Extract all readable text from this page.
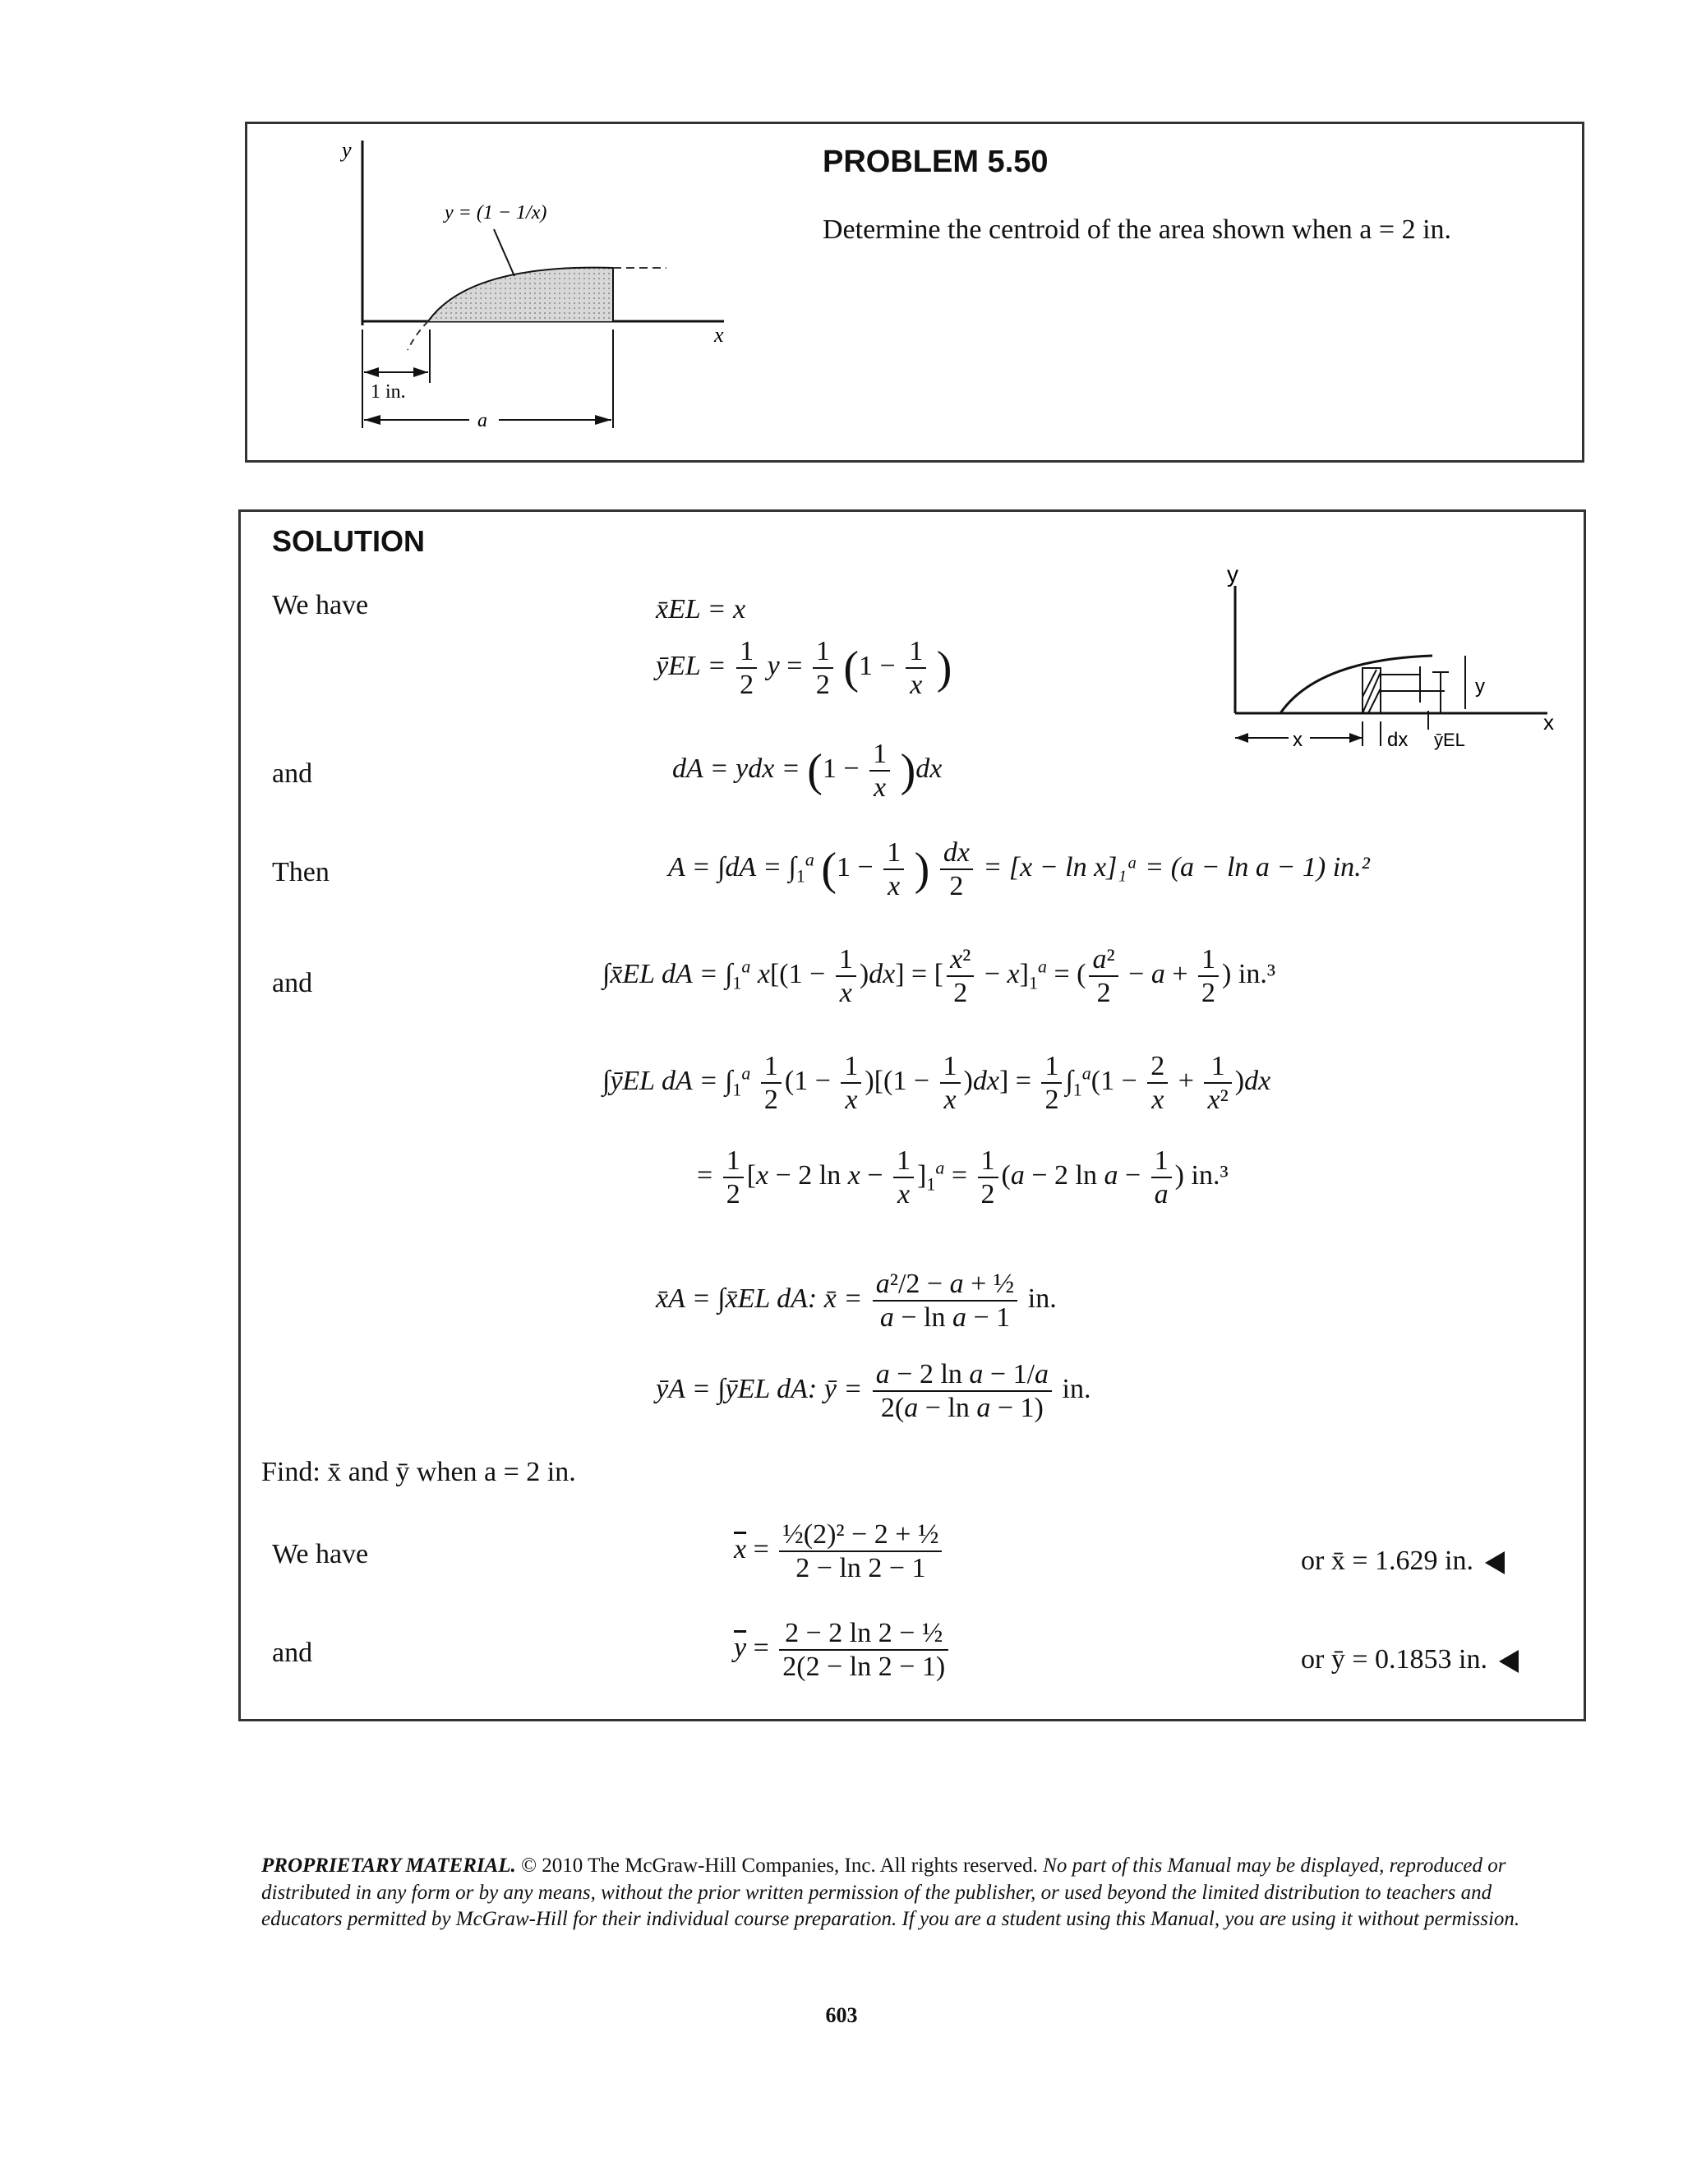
y
x
y = (1 − 1/x)
1 in.
a
PROBLEM 5.50
Determine the centroid of the area shown when a = 2 in.
SOLUTION
We have
and
Then
and
Find: x̄ and ȳ when a = 2 in.
We have
and
y
x
y
x	dx ȳEL
x̄EL = x
ȳEL = $\frac{1}{2}$ $y = \frac{1}{2} (1 - \frac{1}{x}$ )
dA = ydx = $(1 - \frac{1}{x} )dx$
$A = \int dA = \int_1^a$ ($1 - \frac{1}{x}$ ) $\frac{dx}{2} = [x - \ln$ x]₁ᵃ = (a − ln a − 1) in.²
∫x̄EL dA = $\int_1^a$ $x[(1 - \frac{1}{x} )dx]$ = [ $\frac{\text{x²}}{2} - x]_1^a$ = ( $\frac{\text{a²}}{2} - a + \frac{1}{2}$ ) in.³
∫ȳEL dA = $\int_1^a \frac{1}{2} (1 - \frac{1}{x} )[(1 - \frac{1}{x} )dx] = \frac{1}{2} \int_1^a(1 - \frac{2}{x} + \frac{1}{\text{x²}} )dx$
= $\frac{1}{2} [x - 2$ $\ln x - \frac{1}{x} ]_1^a = \frac{1}{2} (a - 2$ $\ln a - \frac{1}{a}$ ) in.³
x̄A = ∫x̄EL dA: x̄ = $\frac{\text{a²/2 − a + ½}}{\text{a − ln a − 1}}$ in.
ȳA = ∫ȳEL dA: ȳ = $\frac{\text{a − 2 ln a − 1/a}}{\text{2(a − ln a − 1)}}$ in.
$\overline{x} = \frac{\text{½(2)² − 2 + ½}}{2 - \ln 2 - 1}$
$\overline{y} = \frac{\text{2 − 2 ln 2 − ½}}{2(2 - \ln 2 - 1)}$
or x̄ = 1.629 in.
or ȳ = 0.1853 in.
PROPRIETARY MATERIAL. © 2010 The McGraw-Hill Companies, Inc. All rights reserved. No part of this Manual may be displayed, reproduced or distributed in any form or by any means, without the prior written permission of the publisher, or used beyond the limited distribution to teachers and educators permitted by McGraw-Hill for their individual course preparation. If you are a student using this Manual, you are using it without permission.
603
